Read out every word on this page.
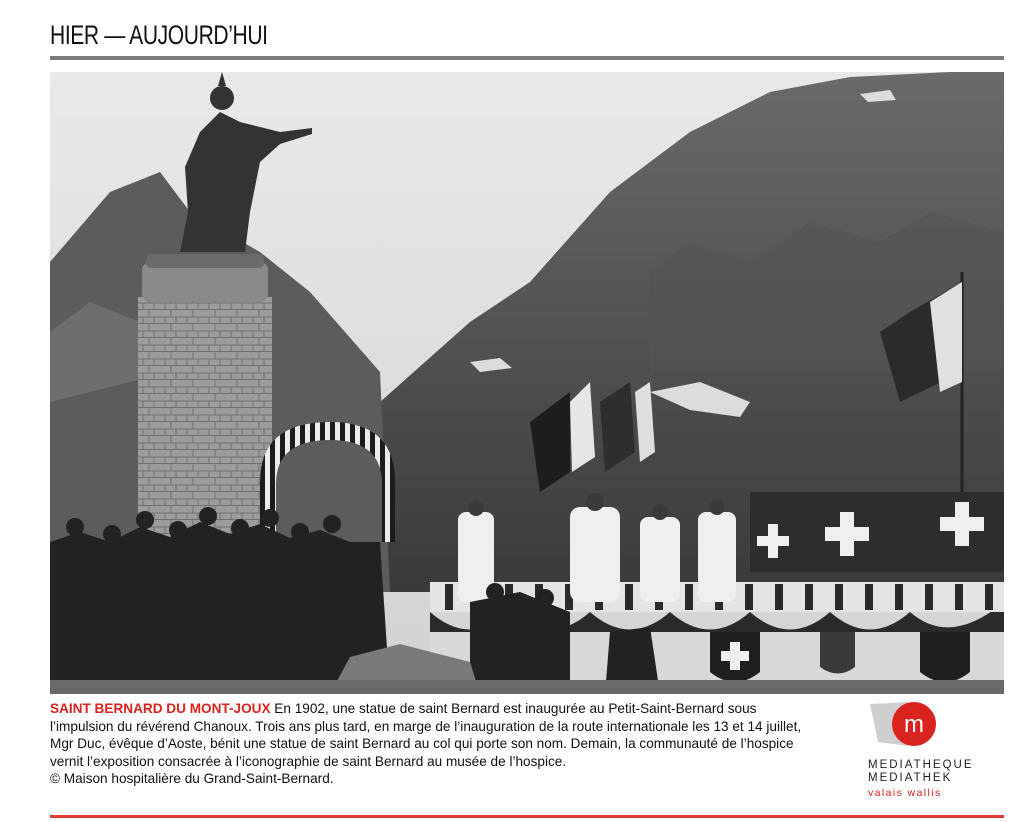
HIER — AUJOURD’HUI
SAINT BERNARD DU MONT-JOUX En 1902, une statue de saint Bernard est inaugurée au Petit-Saint-Bernard sous l’impulsion du révérend Chanoux. Trois ans plus tard, en marge de l’inauguration de la route internationale les 13 et 14 juillet, Mgr Duc, évêque d’Aoste, bénit une statue de saint Bernard au col qui porte son nom. Demain, la communauté de l’hospice vernit l’exposition consacrée à l’iconographie de saint Bernard au musée de l’hospice.
© Maison hospitalière du Grand-Saint-Bernard.
m
MEDIATHEQUE
MEDIATHEK
valais wallis
